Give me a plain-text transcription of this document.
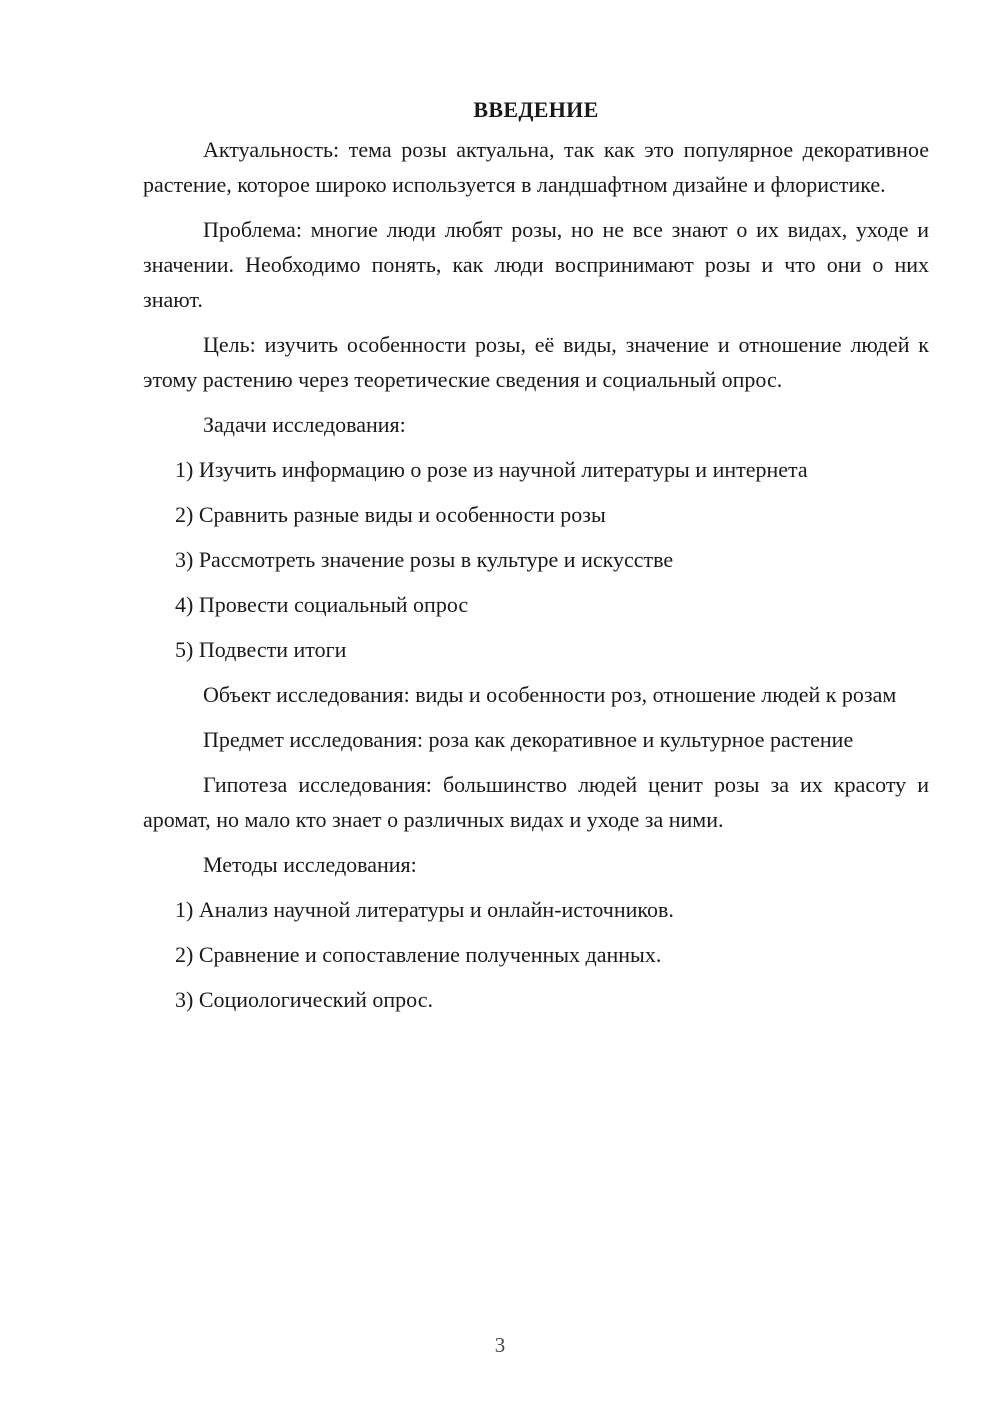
ВВЕДЕНИЕ

Актуальность: тема розы актуальна, так как это популярное декоративное растение, которое широко используется в ландшафтном дизайне и флористике.

Проблема: многие люди любят розы, но не все знают о их видах, уходе и значении. Необходимо понять, как люди воспринимают розы и что они о них знают.

Цель: изучить особенности розы, её виды, значение и отношение людей к этому растению через теоретические сведения и социальный опрос.

Задачи исследования:

1) Изучить информацию о розе из научной литературы и интернета
2) Сравнить разные виды и особенности розы
3) Рассмотреть значение розы в культуре и искусстве
4) Провести социальный опрос
5) Подвести итоги

Объект исследования: виды и особенности роз, отношение людей к розам

Предмет исследования: роза как декоративное и культурное растение

Гипотеза исследования: большинство людей ценит розы за их красоту и аромат, но мало кто знает о различных видах и уходе за ними.

Методы исследования:

1) Анализ научной литературы и онлайн-источников.
2) Сравнение и сопоставление полученных данных.
3) Социологический опрос.
3
